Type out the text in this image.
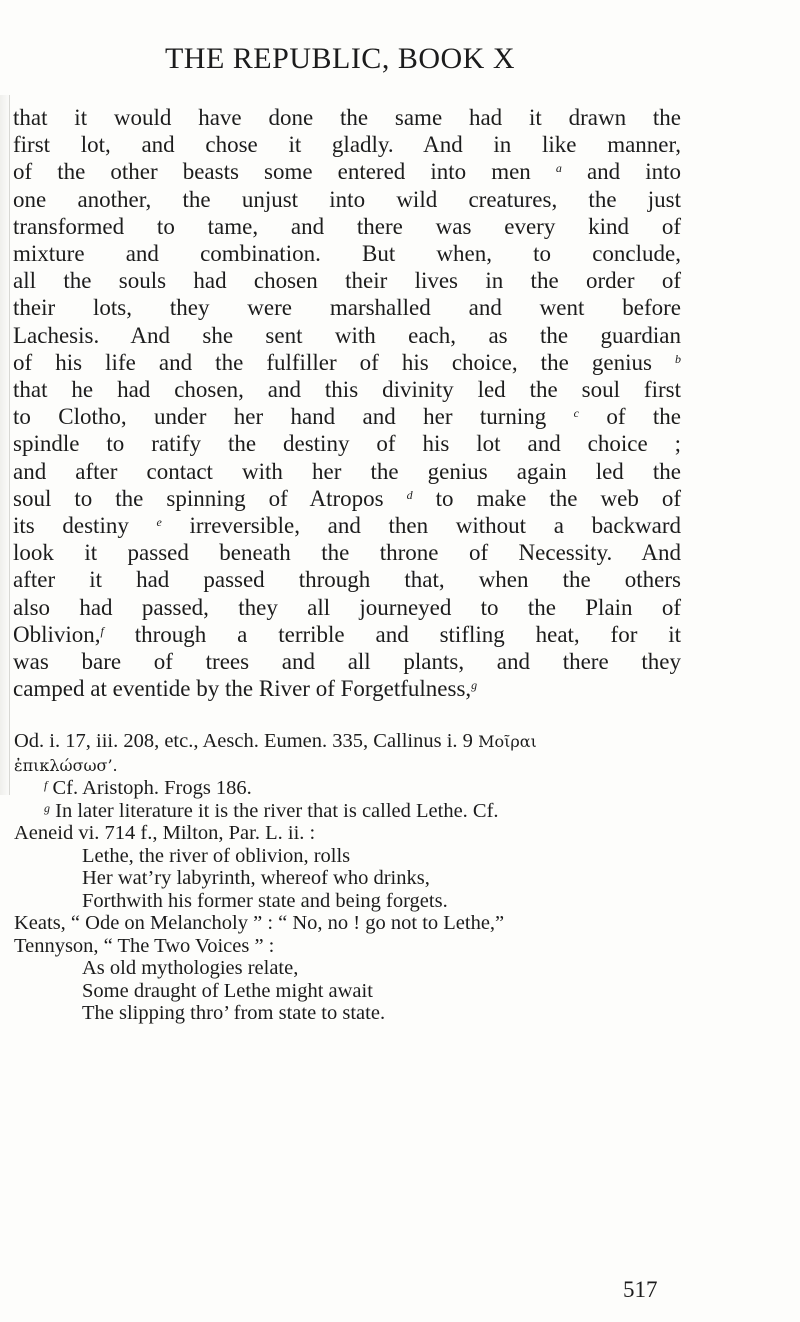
THE REPUBLIC, BOOK X
that it would have done the same had it drawn the
first lot, and chose it gladly. And in like manner,
of the other beasts some entered into men $^a$ and into
one another, the unjust into wild creatures, the just
transformed to tame, and there was every kind of
mixture and combination. But when, to conclude,
all the souls had chosen their lives in the order of
their lots, they were marshalled and went before
Lachesis. And she sent with each, as the guardian
of his life and the fulfiller of his choice, the genius $^b$
that he had chosen, and this divinity led the soul first
to Clotho, under her hand and her turning $^c$ of the
spindle to ratify the destiny of his lot and choice ;
and after contact with her the genius again led the
soul to the spinning of Atropos $^d$ to make the web of
its destiny $^e$ irreversible, and then without a backward
look it passed beneath the throne of Necessity. And
after it had passed through that, when the others
also had passed, they all journeyed to the Plain of
Oblivion,$^f$ through a terrible and stifling heat, for it
was bare of trees and all plants, and there they
camped at eventide by the River of Forgetfulness,$^g$
Od. i. 17, iii. 208, etc., Aesch. Eumen. 335, Callinus i. 9 Μοῖραι
ἐπικλώσωσ’.
$^f$ Cf. Aristoph. Frogs 186.
$^g$ In later literature it is the river that is called Lethe. Cf.
Aeneid vi. 714 f., Milton, Par. L. ii. :
Lethe, the river of oblivion, rolls
Her wat’ry labyrinth, whereof who drinks,
Forthwith his former state and being forgets.
Keats, “ Ode on Melancholy ” : “ No, no ! go not to Lethe,”
Tennyson, “ The Two Voices ” :
As old mythologies relate,
Some draught of Lethe might await
The slipping thro’ from state to state.
517
